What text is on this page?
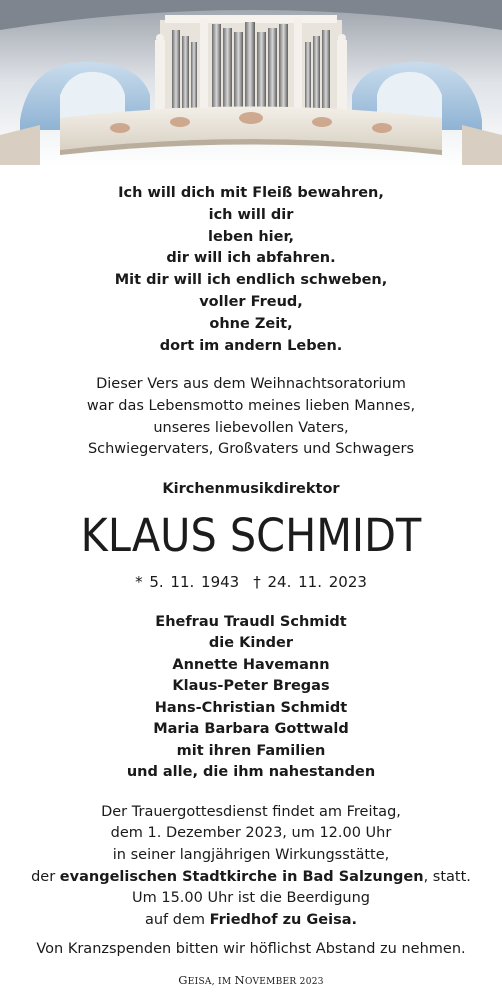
Ich will dich mit Fleiß bewahren,
ich will dir
leben hier,
dir will ich abfahren.
Mit dir will ich endlich schweben,
voller Freud,
ohne Zeit,
dort im andern Leben.
Dieser Vers aus dem Weihnachtsoratorium
war das Lebensmotto meines lieben Mannes,
unseres liebevollen Vaters,
Schwiegervaters, Großvaters und Schwagers
Kirchenmusikdirektor
KLAUS SCHMIDT
* 5. 11. 1943 † 24. 11. 2023
Ehefrau Traudl Schmidt
die Kinder
Annette Havemann
Klaus-Peter Bregas
Hans-Christian Schmidt
Maria Barbara Gottwald
mit ihren Familien
und alle, die ihm nahestanden
Der Trauergottesdienst findet am Freitag,
dem 1. Dezember 2023, um 12.00 Uhr
in seiner langjährigen Wirkungsstätte,
der evangelischen Stadtkirche in Bad Salzungen, statt.
Um 15.00 Uhr ist die Beerdigung
auf dem Friedhof zu Geisa.
Von Kranzspenden bitten wir höflichst Abstand zu nehmen.
GEISA, IM NOVEMBER 2023
